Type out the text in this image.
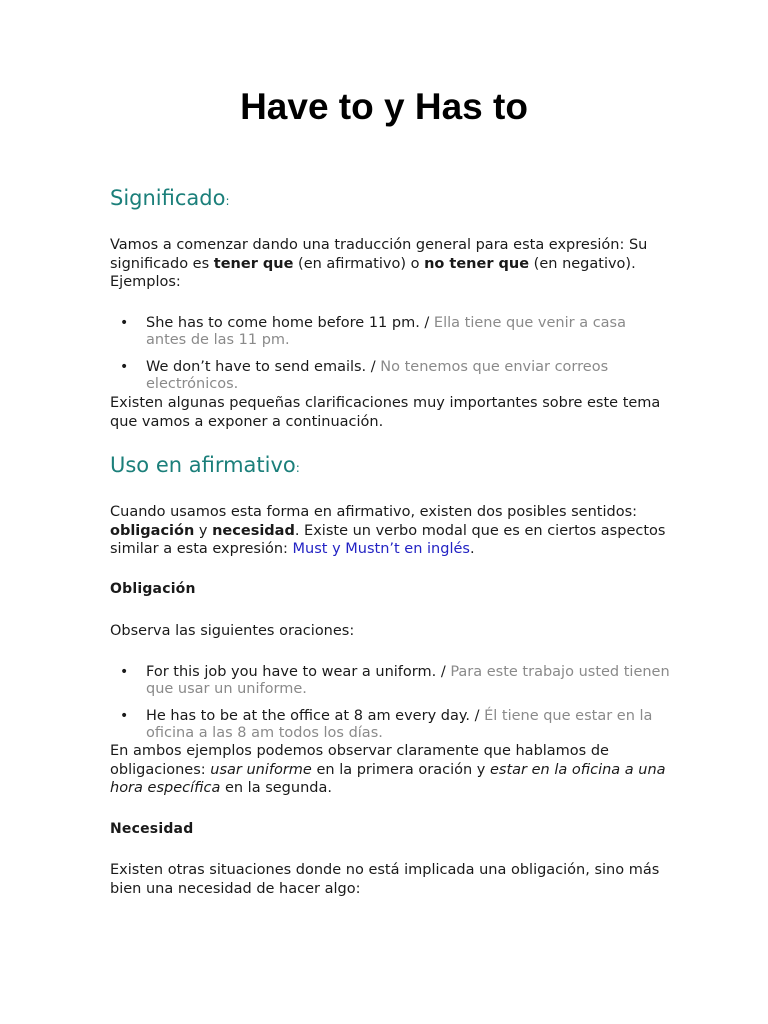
Have to y Has to
Significado:

Vamos a comenzar dando una traducción general para esta expresión: Su significado es tener que (en afirmativo) o no tener que (en negativo). Ejemplos:

• She has to come home before 11 pm. / Ella tiene que venir a casa antes de las 11 pm.
• We don’t have to send emails. / No tenemos que enviar correos electrónicos.

Existen algunas pequeñas clarificaciones muy importantes sobre este tema que vamos a exponer a continuación.

Uso en afirmativo:

Cuando usamos esta forma en afirmativo, existen dos posibles sentidos: obligación y necesidad. Existe un verbo modal que es en ciertos aspectos similar a esta expresión: Must y Mustn’t en inglés.

Obligación

Observa las siguientes oraciones:

• For this job you have to wear a uniform. / Para este trabajo usted tienen que usar un uniforme.
• He has to be at the office at 8 am every day. / Él tiene que estar en la oficina a las 8 am todos los días.

En ambos ejemplos podemos observar claramente que hablamos de obligaciones: usar uniforme en la primera oración y estar en la oficina a una hora específica en la segunda.

Necesidad

Existen otras situaciones donde no está implicada una obligación, sino más bien una necesidad de hacer algo:
